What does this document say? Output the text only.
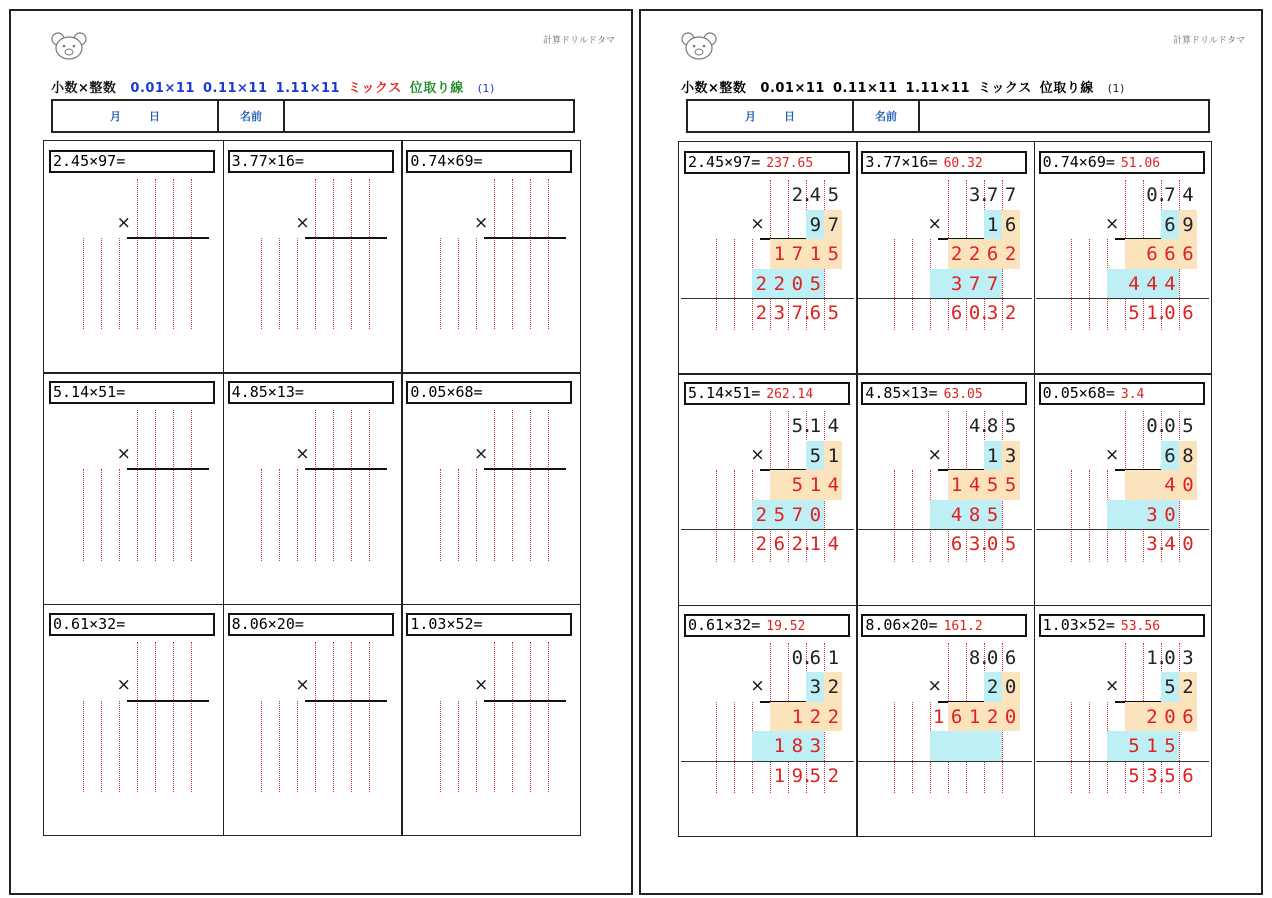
計算ドリルドタマ
小数×整数 0.01×11 0.11×11 1.11×11 ミックス 位取り線 (1)
月	日	名前
2.45×97=
×
3.77×16=
×
0.74×69=
×
5.14×51=
×
4.85×13=
×
0.05×68=
×
0.61×32=
×
8.06×20=
×
1.03×52=
×
計算ドリルドタマ
小数×整数 0.01×11 0.11×11 1.11×11 ミックス 位取り線 (1)
月	日	名前
2.45×97= 237.65
×
2 4 5
9 7
1 7 1 5
2 2 0 5
2 3 7 6 5
.
.
3.77×16= 60.32
×
3 7 7
1 6
2 2 6 2
3 7 7
6 0 3 2
.
.
0.74×69= 51.06
×
0 7 4
6 9
6 6 6
4 4 4
5 1 0 6
.
.
5.14×51= 262.14
×
5 1 4
5 1
5 1 4
2 5 7 0
2 6 2 1 4
.
.
4.85×13= 63.05
×
4 8 5
1 3
1 4 5 5
4 8 5
6 3 0 5
.
.
0.05×68= 3.4
×
0 0 5
6 8
4 0
3 0
3 4 0
.
.
0.61×32= 19.52
×
0 6 1
3 2
1 2 2
1 8 3
1 9 5 2
.
.
8.06×20= 161.2
×
8 0 6
2 0
1 6 1 2 0
.
1.03×52= 53.56
×
1 0 3
5 2
2 0 6
5 1 5
5 3 5 6
.
.
